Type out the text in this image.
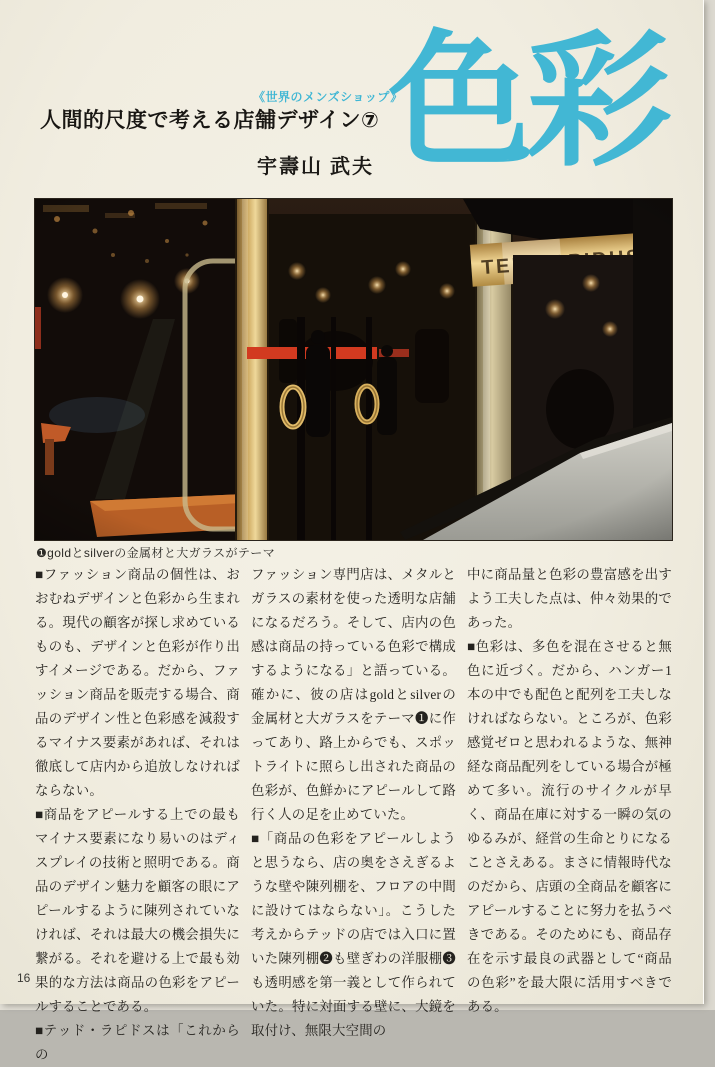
《世界のメンズショップ》
人間的尺度で考える店舗デザイン⑦
宇壽山 武夫 色彩
❶goldとsilverの金属材と大ガラスがテーマ

■ファッション商品の個性は、おおむねデザインと色彩から生まれる。現代の顧客が探し求めているものも、デザインと色彩が作り出すイメージである。だから、ファッション商品を販売する場合、商品のデザイン性と色彩感を減殺するマイナス要素があれば、それは徹底して店内から追放しなければならない。

■商品をアピールする上での最もマイナス要素になり易いのはディスプレイの技術と照明である。商品のデザイン魅力を顧客の眼にアピールするように陳列されていなければ、それは最大の機会損失に繋がる。それを避ける上で最も効果的な方法は商品の色彩をアピールすることである。

■テッド・ラピドスは「これからの

ファッション専門店は、メタルとガラスの素材を使った透明な店舗になるだろう。そして、店内の色感は商品の持っている色彩で構成するようになる」と語っている。確かに、彼の店はgoldとsilverの金属材と大ガラスをテーマ❶に作ってあり、路上からでも、スポットライトに照らし出された商品の色彩が、色鮮かにアピールして路行く人の足を止めていた。

■「商品の色彩をアピールしようと思うなら、店の奥をさえぎるような壁や陳列棚を、フロアの中間に設けてはならない」。こうした考えからテッドの店では入口に置いた陳列棚❷も壁ぎわの洋服棚❸も透明感を第一義として作られていた。特に対面する壁に、大鏡を取付け、無限大空間の

中に商品量と色彩の豊富感を出すよう工夫した点は、仲々効果的であった。

■色彩は、多色を混在させると無色に近づく。だから、ハンガー1本の中でも配色と配列を工夫しなければならない。ところが、色彩感覚ゼロと思われるような、無神経な商品配列をしている場合が極めて多い。流行のサイクルが早く、商品在庫に対する一瞬の気のゆるみが、経営の生命とりになることさえある。まさに情報時代なのだから、店頭の全商品を顧客にアピールすることに努力を払うべきである。そのためにも、商品存在を示す最良の武器として“商品の色彩”を最大限に活用すべきである。

16
